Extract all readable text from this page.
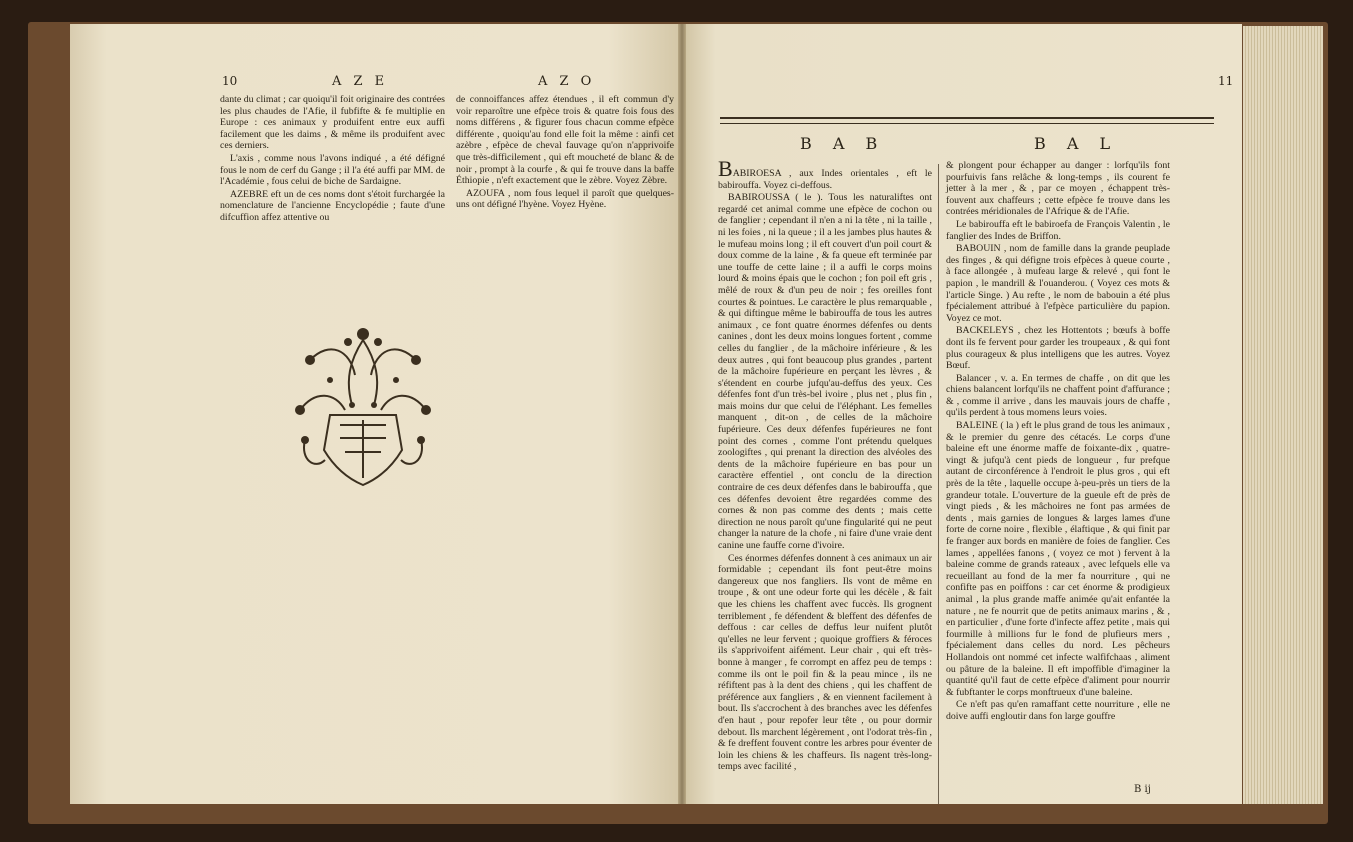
10	A Z E	A Z O

dante du climat ; car quoiqu'il foit originaire des contrées les plus chaudes de l'Afie, il fubfifte & fe multiplie en Europe : ces animaux y produifent entre eux auffi facilement que les daims , & même ils produifent avec ces derniers.

L'axis , comme nous l'avons indiqué , a été défigné fous le nom de cerf du Gange ; il l'a été auffi par MM. de l'Académie , fous celui de biche de Sardaigne.

AZEBRE eft un de ces noms dont s'étoit furchargée la nomenclature de l'ancienne Encyclopédie ; faute d'une difcuffion affez attentive ou

de connoiffances affez étendues , il eft commun d'y voir reparoître une efpèce trois & quatre fois fous des noms différens , & figurer fous chacun comme efpèce différente , quoiqu'au fond elle foit la même : ainfi cet azèbre , efpèce de cheval fauvage qu'on n'apprivoife que très-difficilement , qui eft moucheté de blanc & de noir , prompt à la courfe , & qui fe trouve dans la baffe Éthiopie , n'eft exactement que le zèbre. Voyez Zèbre.

AZOUFA , nom fous lequel il paroît que quelques-uns ont défigné l'hyène. Voyez Hyène.

11
B A B	B A L

BABIROESA , aux Indes orientales , eft le babirouffa. Voyez ci-deffous.

BABIROUSSA ( le ). Tous les naturaliftes ont regardé cet animal comme une efpèce de cochon ou de fanglier ; cependant il n'en a ni la tête , ni la taille , ni les foies , ni la queue ; il a les jambes plus hautes & le mufeau moins long ; il eft couvert d'un poil court & doux comme de la laine , & fa queue eft terminée par une touffe de cette laine ; il a auffi le corps moins lourd & moins épais que le cochon ; fon poil eft gris , mêlé de roux & d'un peu de noir ; fes oreilles font courtes & pointues. Le caractère le plus remarquable , & qui diftingue même le babirouffa de tous les autres animaux , ce font quatre énormes défenfes ou dents canines , dont les deux moins longues fortent , comme celles du fanglier , de la mâchoire inférieure , & les deux autres , qui font beaucoup plus grandes , partent de la mâchoire fupérieure en perçant les lèvres , & s'étendent en courbe jufqu'au-deffus des yeux. Ces défenfes font d'un très-bel ivoire , plus net , plus fin , mais moins dur que celui de l'éléphant. Les femelles manquent , dit-on , de celles de la mâchoire fupérieure. Ces deux défenfes fupérieures ne font point des cornes , comme l'ont prétendu quelques zoologiftes , qui prenant la direction des alvéoles des dents de la mâchoire fupérieure en bas pour un caractère effentiel , ont conclu de la direction contraire de ces deux défenfes dans le babirouffa , que ces défenfes devoient être regardées comme des cornes & non pas comme des dents ; mais cette direction ne nous paroît qu'une fingularité qui ne peut changer la nature de la chofe , ni faire d'une vraie dent canine une fauffe corne d'ivoire.

Ces énormes défenfes donnent à ces animaux un air formidable ; cependant ils font peut-être moins dangereux que nos fangliers. Ils vont de même en troupe , & ont une odeur forte qui les décèle , & fait que les chiens les chaffent avec fuccès. Ils grognent terriblement , fe défendent & bleffent des défenfes de deffous : car celles de deffus leur nuifent plutôt qu'elles ne leur fervent ; quoique groffiers & féroces ils s'apprivoifent aifément. Leur chair , qui eft très-bonne à manger , fe corrompt en affez peu de temps : comme ils ont le poil fin & la peau mince , ils ne réfiftent pas à la dent des chiens , qui les chaffent de préférence aux fangliers , & en viennent facilement à bout. Ils s'accrochent à des branches avec les défenfes d'en haut , pour repofer leur tête , ou pour dormir debout. Ils marchent légèrement , ont l'odorat très-fin , & fe dreffent fouvent contre les arbres pour éventer de loin les chiens & les chaffeurs. Ils nagent très-long-temps avec facilité ,

& plongent pour échapper au danger : lorfqu'ils font pourfuivis fans relâche & long-temps , ils courent fe jetter à la mer , & , par ce moyen , échappent très-fouvent aux chaffeurs ; cette efpèce fe trouve dans les contrées méridionales de l'Afrique & de l'Afie.

Le babirouffa eft le babiroefa de François Valentin , le fanglier des Indes de Briffon.

BABOUIN , nom de famille dans la grande peuplade des finges , & qui défigne trois efpèces à queue courte , à face allongée , à mufeau large & relevé , qui font le papion , le mandrill & l'ouanderou. ( Voyez ces mots & l'article Singe. ) Au refte , le nom de babouin a été plus fpécialement attribué à l'efpèce particulière du papion. Voyez ce mot.

BACKELEYS , chez les Hottentots ; bœufs à boffe dont ils fe fervent pour garder les troupeaux , & qui font plus courageux & plus intelligens que les autres. Voyez Bœuf.

Balancer , v. a. En termes de chaffe , on dit que les chiens balancent lorfqu'ils ne chaffent point d'affurance ; & , comme il arrive , dans les mauvais jours de chaffe , qu'ils perdent à tous momens leurs voies.

BALEINE ( la ) eft le plus grand de tous les animaux , & le premier du genre des cétacés. Le corps d'une baleine eft une énorme maffe de foixante-dix , quatre-vingt & jufqu'à cent pieds de longueur , fur prefque autant de circonférence à l'endroit le plus gros , qui eft près de la tête , laquelle occupe à-peu-près un tiers de la grandeur totale. L'ouverture de la gueule eft de près de vingt pieds , & les mâchoires ne font pas armées de dents , mais garnies de longues & larges lames d'une forte de corne noire , flexible , élaftique , & qui finit par fe franger aux bords en manière de foies de fanglier. Ces lames , appellées fanons , ( voyez ce mot ) fervent à la baleine comme de grands rateaux , avec lefquels elle va recueillant au fond de la mer fa nourriture , qui ne confifte pas en poiffons : car cet énorme & prodigieux animal , la plus grande maffe animée qu'ait enfantée la nature , ne fe nourrit que de petits animaux marins , & , en particulier , d'une forte d'infecte affez petite , mais qui fourmille à millions fur le fond de plufieurs mers , fpécialement dans celles du nord. Les pêcheurs Hollandois ont nommé cet infecte walfifchaas , aliment ou pâture de la baleine. Il eft impoffible d'imaginer la quantité qu'il faut de cette efpèce d'aliment pour nourrir & fubftanter le corps monftrueux d'une baleine.

Ce n'eft pas qu'en ramaffant cette nourriture , elle ne doive auffi engloutir dans fon large gouffre

B ij
